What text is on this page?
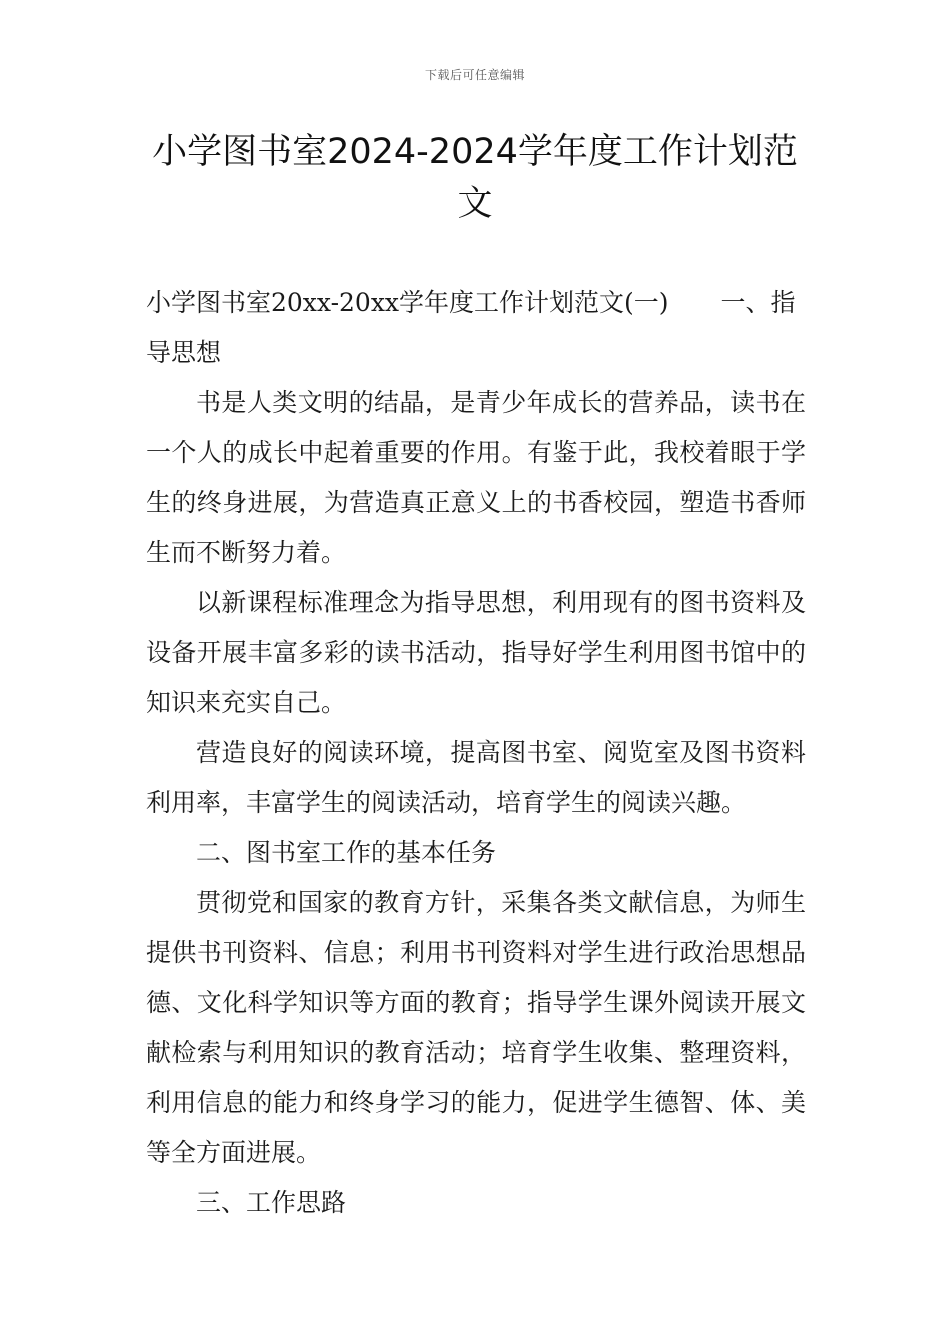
下载后可任意编辑
小学图书室2024-2024学年度工作计划范文

小学图书室20xx-20xx学年度工作计划范文(一) 一、指导思想

书是人类文明的结晶，是青少年成长的营养品，读书在一个人的成长中起着重要的作用。有鉴于此，我校着眼于学生的终身进展，为营造真正意义上的书香校园，塑造书香师生而不断努力着。

以新课程标准理念为指导思想，利用现有的图书资料及设备开展丰富多彩的读书活动，指导好学生利用图书馆中的知识来充实自己。

营造良好的阅读环境，提高图书室、阅览室及图书资料利用率，丰富学生的阅读活动，培育学生的阅读兴趣。

二、图书室工作的基本任务

贯彻党和国家的教育方针，采集各类文献信息，为师生提供书刊资料、信息；利用书刊资料对学生进行政治思想品德、文化科学知识等方面的教育；指导学生课外阅读开展文献检索与利用知识的教育活动；培育学生收集、整理资料，利用信息的能力和终身学习的能力，促进学生德智、体、美等全方面进展。

三、工作思路
